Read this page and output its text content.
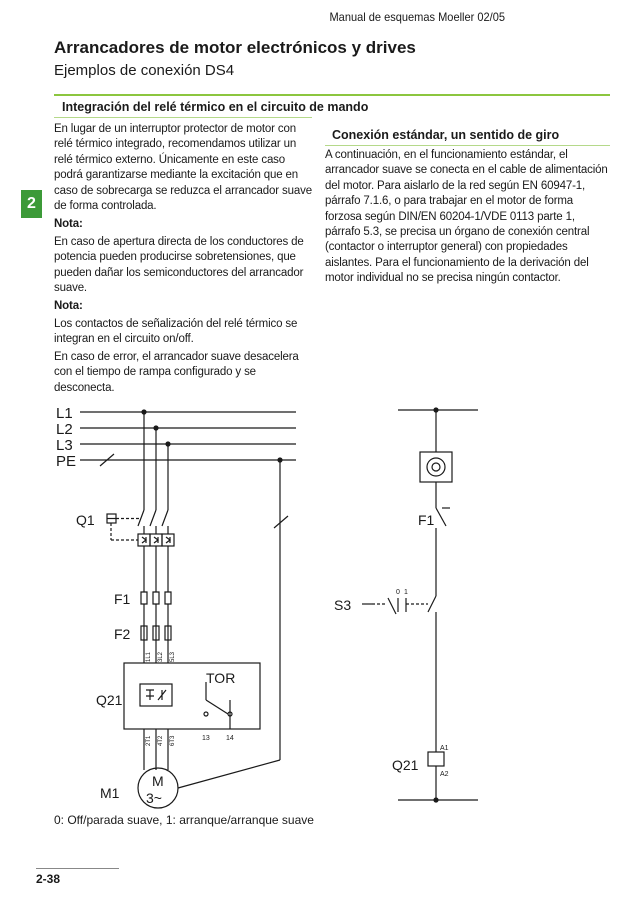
Manual de esquemas Moeller 02/05
Arrancadores de motor electrónicos y drives
Ejemplos de conexión DS4
2
Integración del relé térmico en el circuito de mando

En lugar de un interruptor protector de motor con relé térmico integrado, recomendamos utilizar un relé térmico externo. Únicamente en este caso podrá garantizarse mediante la excitación que en caso de sobrecarga se reduzca el arrancador suave de forma controlada.

Nota:

En caso de apertura directa de los conductores de potencia pueden producirse sobretensiones, que pueden dañar los semiconductores del arrancador suave.

Nota:

Los contactos de señalización del relé térmico se integran en el circuito on/off.

En caso de error, el arrancador suave desacelera con el tiempo de rampa configurado y se desconecta.

Conexión estándar, un sentido de giro

A continuación, en el funcionamiento estándar, el arrancador suave se conecta en el cable de alimentación del motor. Para aislarlo de la red según EN 60947-1, párrafo 7.1.6, o para trabajar en el motor de forma forzosa según DIN/EN 60204-1/VDE 0113 parte 1, párrafo 5.3, se precisa un órgano de conexión central (contactor o interruptor general) con propiedades aislantes. Para el funcionamiento de la derivación del motor individual no se precisa ningún contactor.

L1
L2
L3
PE
Q1
F1
F2
Q21
TOR
M1
M
3~
1L1 3L2 5L3
2T1 4T2 6T3	13 14
F1
S3
0 1
Q21
A1
A2
0: Off/parada suave, 1: arranque/arranque suave
2-38
